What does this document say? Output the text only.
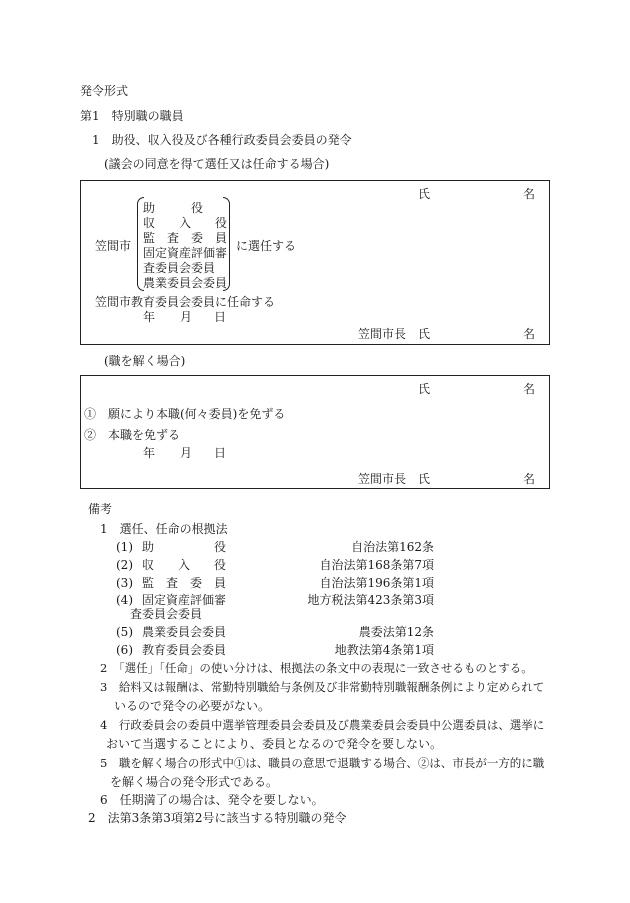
発令形式
第1　特別職の職員
1　助役、収入役及び各種行政委員会委員の発令
(議会の同意を得て選任又は任命する場合)
氏	名
笠間市
助　　　役
収　　入　　役
監　査　委　員
固定資産評価審
査委員会委員
農業委員会委員
に選任する
笠間市教育委員会委員に任命する
年 月 日
笠間市長 氏	名
(職を解く場合)
氏	名
①　願により本職(何々委員)を免ずる
②　本職を免ずる
年 月 日
笠間市長 氏	名
備考
1　選任、任命の根拠法
(1) 助　　　　　役	自治法第162条
(2) 収　　入　　役	自治法第168条第7項
(3) 監　査　委　員	自治法第196条第1項
(4) 固定資産評価審	地方税法第423条第3項
査委員会委員
(5) 農業委員会委員	農委法第12条
(6) 教育委員会委員	地教法第4条第1項
2　「選任」「任命」の使い分けは、根拠法の条文中の表現に一致させるものとする。
3　給料又は報酬は、常勤特別職給与条例及び非常勤特別職報酬条例により定められて
いるので発令の必要がない。
4　行政委員会の委員中選挙管理委員会委員及び農業委員会委員中公選委員は、選挙に
おいて当選することにより、委員となるので発令を要しない。
5　職を解く場合の形式中①は、職員の意思で退職する場合、②は、市長が一方的に職
を解く場合の発令形式である。
6　任期満了の場合は、発令を要しない。
2　法第3条第3項第2号に該当する特別職の発令
